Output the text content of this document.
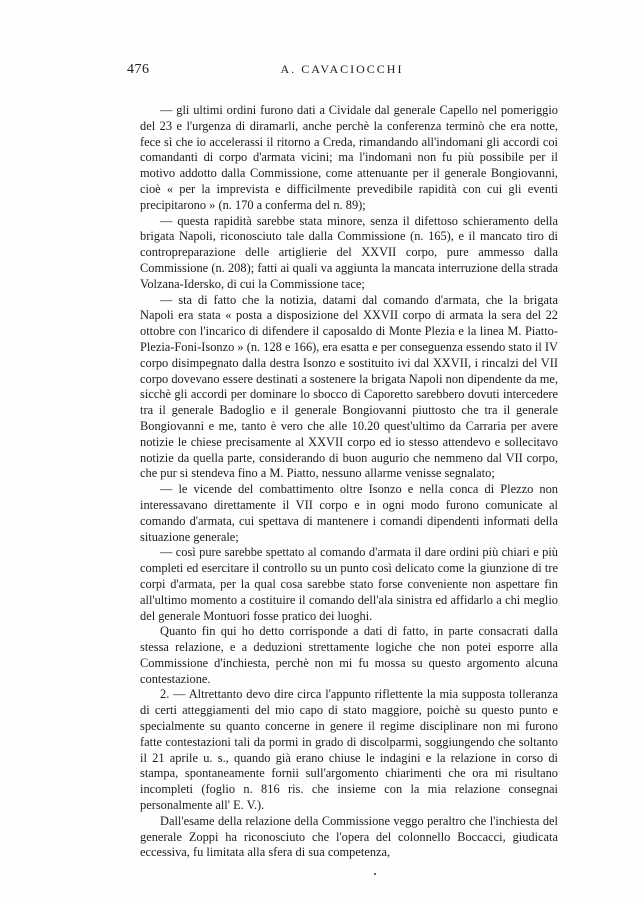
476	A. CAVACIOCCHI

— gli ultimi ordini furono dati a Cividale dal generale Capello nel pomeriggio del 23 e l'urgenza di diramarli, anche perchè la conferenza terminò che era notte, fece sì che io accelerassi il ritorno a Creda, rimandando all'indomani gli accordi coi comandanti di corpo d'armata vicini; ma l'indomani non fu più possibile per il motivo addotto dalla Commissione, come attenuante per il generale Bongiovanni, cioè « per la imprevista e difficilmente prevedibile rapidità con cui gli eventi precipitarono » (n. 170 a conferma del n. 89);

— questa rapidità sarebbe stata minore, senza il difettoso schieramento della brigata Napoli, riconosciuto tale dalla Commissione (n. 165), e il mancato tiro di contropreparazione delle artiglierie del XXVII corpo, pure ammesso dalla Commissione (n. 208); fatti ai quali va aggiunta la mancata interruzione della strada Volzana-Idersko, di cui la Commissione tace;

— sta di fatto che la notizia, datami dal comando d'armata, che la brigata Napoli era stata « posta a disposizione del XXVII corpo di armata la sera del 22 ottobre con l'incarico di difendere il caposaldo di Monte Plezia e la linea M. Piatto-Plezia-Foni-Isonzo » (n. 128 e 166), era esatta e per conseguenza essendo stato il IV corpo disimpegnato dalla destra Isonzo e sostituito ivi dal XXVII, i rincalzi del VII corpo dovevano essere destinati a sostenere la brigata Napoli non dipendente da me, sicchè gli accordi per dominare lo sbocco di Caporetto sarebbero dovuti intercedere tra il generale Badoglio e il generale Bongiovanni piuttosto che tra il generale Bongiovanni e me, tanto è vero che alle 10.20 quest'ultimo da Carraria per avere notizie le chiese precisamente al XXVII corpo ed io stesso attendevo e sollecitavo notizie da quella parte, considerando di buon augurio che nemmeno dal VII corpo, che pur si stendeva fino a M. Piatto, nessuno allarme venisse segnalato;

— le vicende del combattimento oltre Isonzo e nella conca di Plezzo non interessavano direttamente il VII corpo e in ogni modo furono comunicate al comando d'armata, cui spettava di mantenere i comandi dipendenti informati della situazione generale;

— così pure sarebbe spettato al comando d'armata il dare ordini più chiari e più completi ed esercitare il controllo su un punto così delicato come la giunzione di tre corpi d'armata, per la qual cosa sarebbe stato forse conveniente non aspettare fin all'ultimo momento a costituire il comando dell'ala sinistra ed affidarlo a chi meglio del generale Montuori fosse pratico dei luoghi.

Quanto fin qui ho detto corrisponde a dati di fatto, in parte consacrati dalla stessa relazione, e a deduzioni strettamente logiche che non potei esporre alla Commissione d'inchiesta, perchè non mi fu mossa su questo argomento alcuna contestazione.

2. — Altrettanto devo dire circa l'appunto riflettente la mia supposta tolleranza di certi atteggiamenti del mio capo di stato maggiore, poichè su questo punto e specialmente su quanto concerne in genere il regime disciplinare non mi furono fatte contestazioni tali da pormi in grado di discolparmi, soggiungendo che soltanto il 21 aprile u. s., quando già erano chiuse le indagini e la relazione in corso di stampa, spontaneamente fornii sull'argomento chiarimenti che ora mi risultano incompleti (foglio n. 816 ris. che insieme con la mia relazione consegnai personalmente all' E. V.).

Dall'esame della relazione della Commissione veggo peraltro che l'inchiesta del generale Zoppi ha riconosciuto che l'opera del colonnello Boccacci, giudicata eccessiva, fu limitata alla sfera di sua competenza,
